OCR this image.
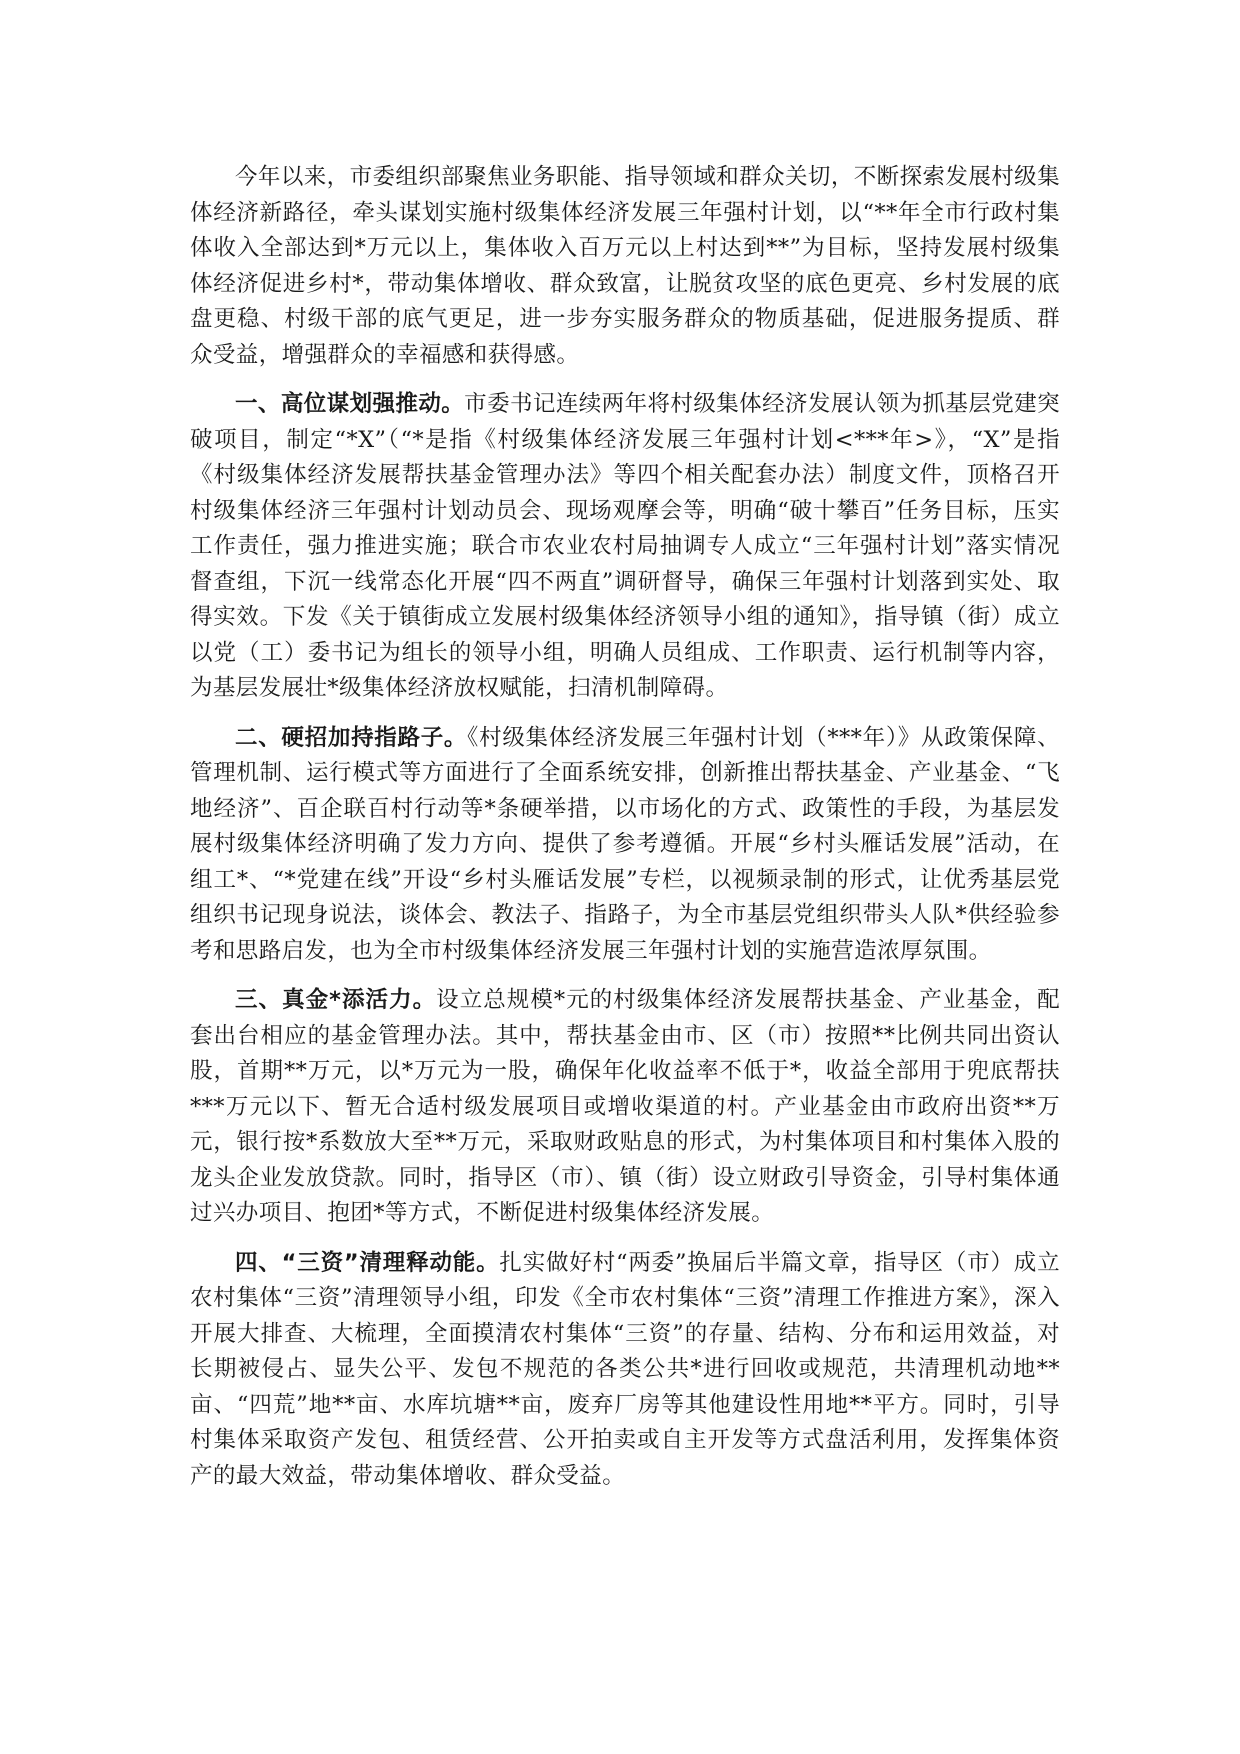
今年以来，市委组织部聚焦业务职能、指导领域和群众关切，不断探索发展村级集体经济新路径，牵头谋划实施村级集体经济发展三年强村计划，以“**年全市行政村集体收入全部达到*万元以上，集体收入百万元以上村达到**”为目标，坚持发展村级集体经济促进乡村*，带动集体增收、群众致富，让脱贫攻坚的底色更亮、乡村发展的底盘更稳、村级干部的底气更足，进一步夯实服务群众的物质基础，促进服务提质、群众受益，增强群众的幸福感和获得感。

一、高位谋划强推动。市委书记连续两年将村级集体经济发展认领为抓基层党建突破项目，制定“*X”（“*是指《村级集体经济发展三年强村计划<***年>》，“X”是指《村级集体经济发展帮扶基金管理办法》等四个相关配套办法）制度文件，顶格召开村级集体经济三年强村计划动员会、现场观摩会等，明确“破十攀百”任务目标，压实工作责任，强力推进实施；联合市农业农村局抽调专人成立“三年强村计划”落实情况督查组，下沉一线常态化开展“四不两直”调研督导，确保三年强村计划落到实处、取得实效。下发《关于镇街成立发展村级集体经济领导小组的通知》，指导镇（街）成立以党（工）委书记为组长的领导小组，明确人员组成、工作职责、运行机制等内容，为基层发展壮*级集体经济放权赋能，扫清机制障碍。

二、硬招加持指路子。《村级集体经济发展三年强村计划（***年）》从政策保障、管理机制、运行模式等方面进行了全面系统安排，创新推出帮扶基金、产业基金、“飞地经济”、百企联百村行动等*条硬举措，以市场化的方式、政策性的手段，为基层发展村级集体经济明确了发力方向、提供了参考遵循。开展“乡村头雁话发展”活动，在组工*、“*党建在线”开设“乡村头雁话发展”专栏，以视频录制的形式，让优秀基层党组织书记现身说法，谈体会、教法子、指路子，为全市基层党组织带头人队*供经验参考和思路启发，也为全市村级集体经济发展三年强村计划的实施营造浓厚氛围。

三、真金*添活力。设立总规模*元的村级集体经济发展帮扶基金、产业基金，配套出台相应的基金管理办法。其中，帮扶基金由市、区（市）按照**比例共同出资认股，首期**万元，以*万元为一股，确保年化收益率不低于*，收益全部用于兜底帮扶***万元以下、暂无合适村级发展项目或增收渠道的村。产业基金由市政府出资**万元，银行按*系数放大至**万元，采取财政贴息的形式，为村集体项目和村集体入股的龙头企业发放贷款。同时，指导区（市）、镇（街）设立财政引导资金，引导村集体通过兴办项目、抱团*等方式，不断促进村级集体经济发展。

四、“三资”清理释动能。扎实做好村“两委”换届后半篇文章，指导区（市）成立农村集体“三资”清理领导小组，印发《全市农村集体“三资”清理工作推进方案》，深入开展大排查、大梳理，全面摸清农村集体“三资”的存量、结构、分布和运用效益，对长期被侵占、显失公平、发包不规范的各类公共*进行回收或规范，共清理机动地**亩、“四荒”地**亩、水库坑塘**亩，废弃厂房等其他建设性用地**平方。同时，引导村集体采取资产发包、租赁经营、公开拍卖或自主开发等方式盘活利用，发挥集体资产的最大效益，带动集体增收、群众受益。
